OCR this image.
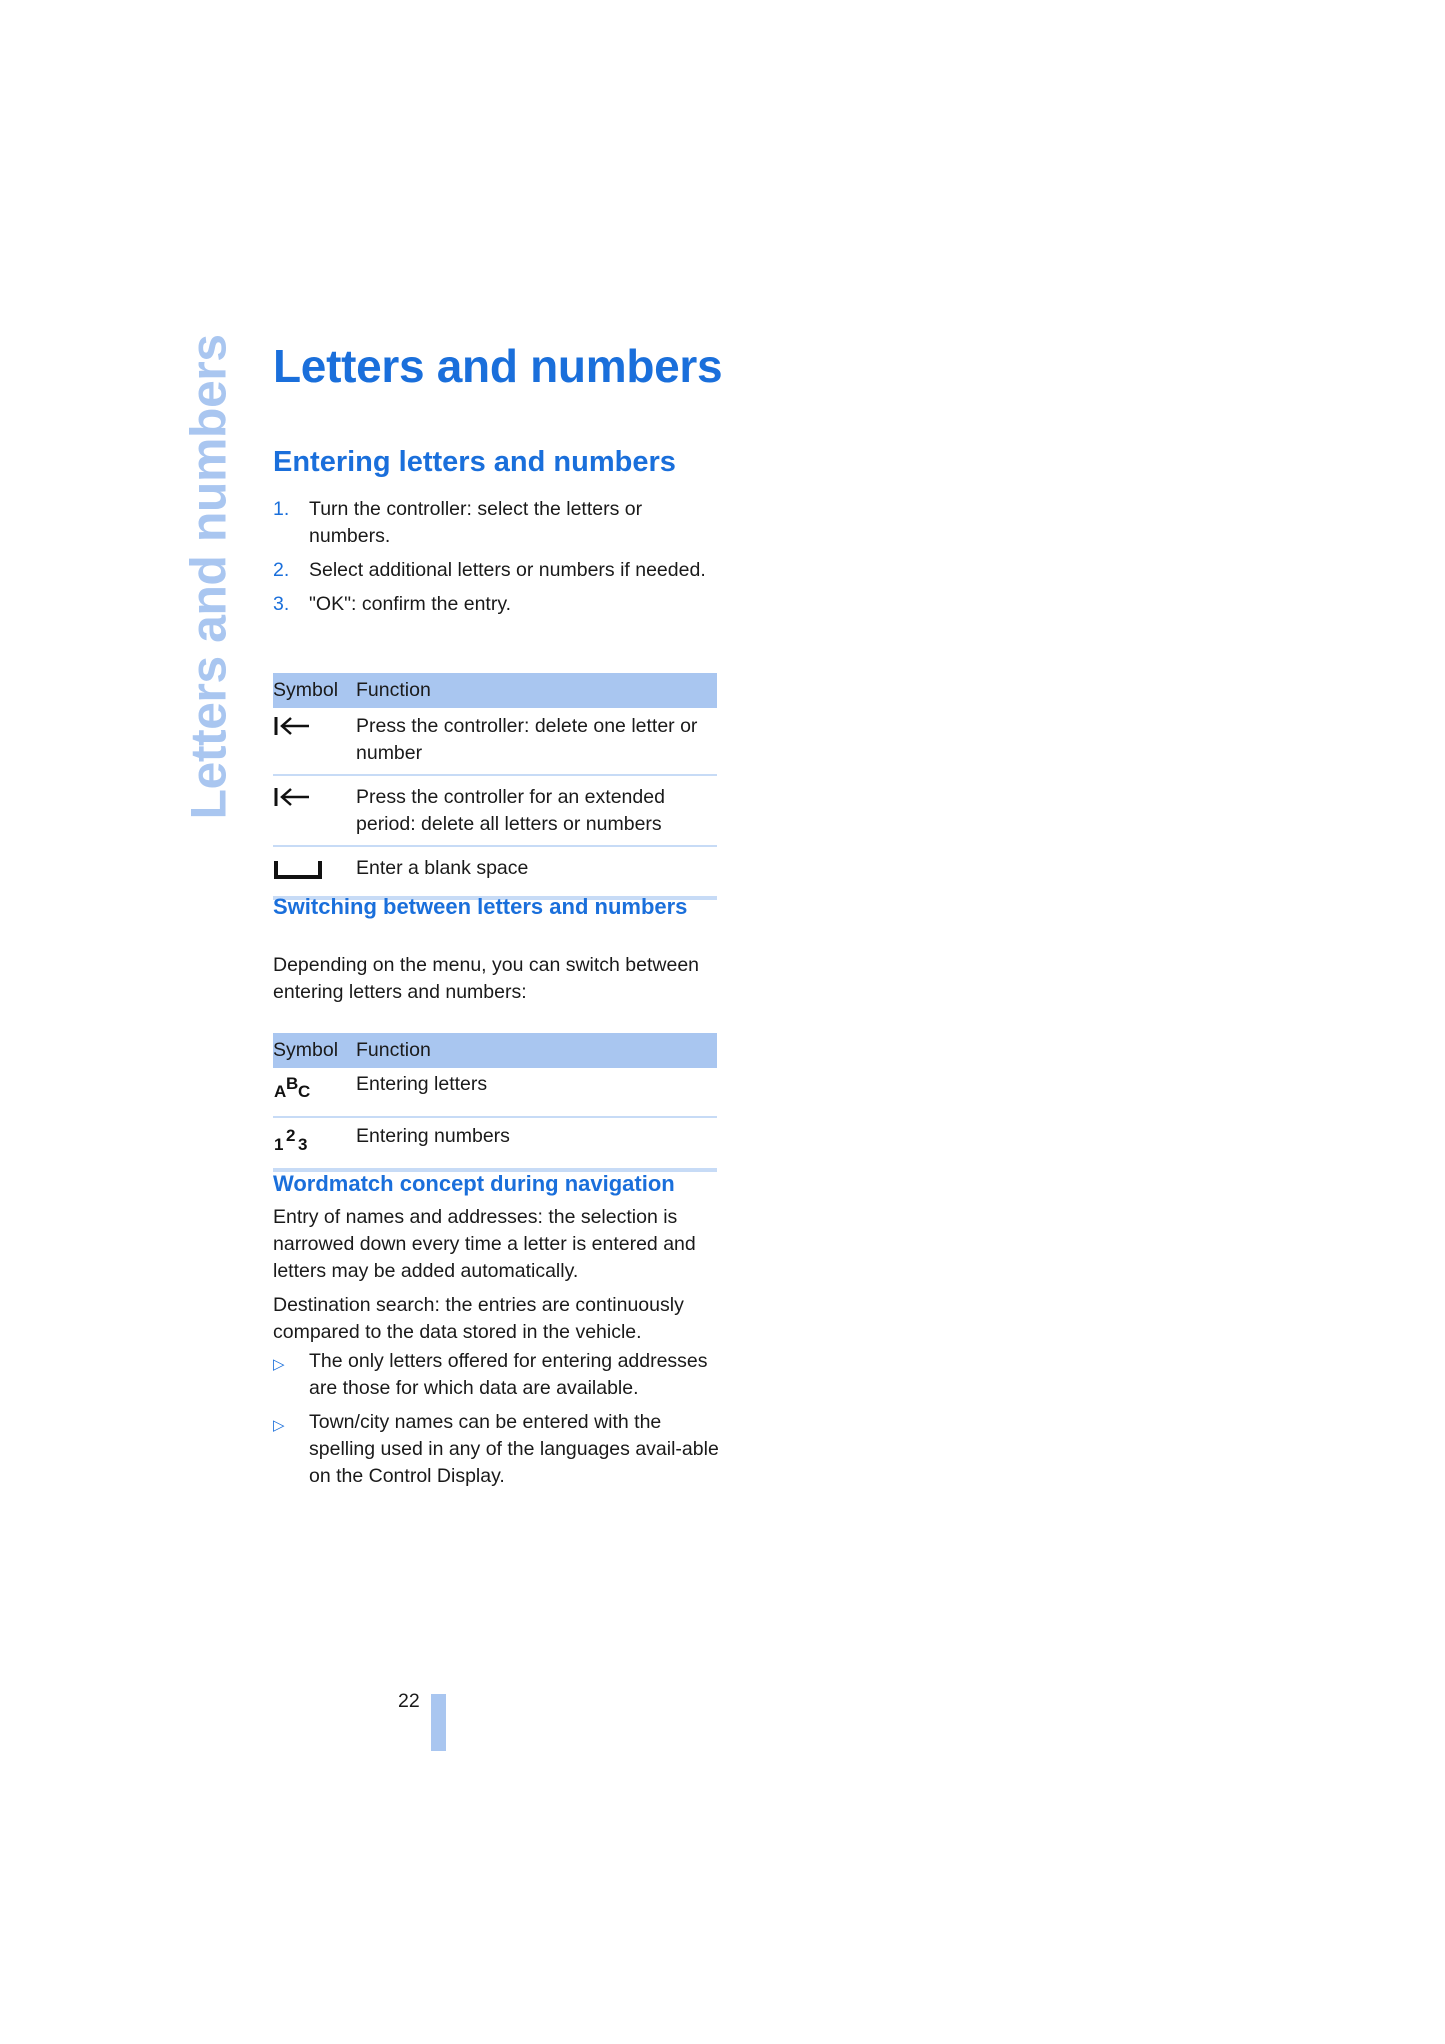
Letters and numbers Letters and numbers
Entering letters and numbers
1.	Turn the controller: select the letters or numbers.
2.	Select additional letters or numbers if needed.
3.	"OK": confirm the entry.
Symbol Function
Press the controller: delete one letter or number
Press the controller for an extended period: delete all letters or numbers
Enter a blank space
Switching between letters and numbers

Depending on the menu, you can switch between entering letters and numbers:

Symbol Function
A B C Entering letters
1 2 3 Entering numbers
Wordmatch concept during navigation

Entry of names and addresses: the selection is narrowed down every time a letter is entered and letters may be added automatically.

Destination search: the entries are continuously compared to the data stored in the vehicle.

▷	The only letters offered for entering addresses are those for which data are available.
▷	Town/city names can be entered with the spelling used in any of the languages avail-able on the Control Display.
22
